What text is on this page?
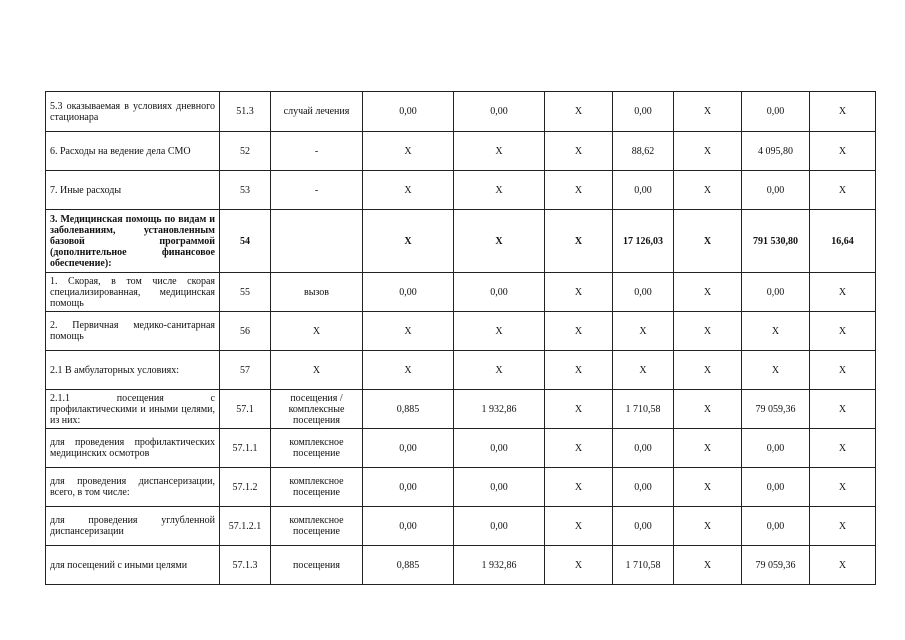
5.3 оказываемая в условиях дневного стационара	51.3	случай лечения	0,00	0,00	X	0,00	X	0,00	X
6. Расходы на ведение дела СМО	52	-	X	X	X	88,62	X	4 095,80	X
7. Иные расходы	53	-	X	X	X	0,00	X	0,00	X
3. Медицинская помощь по видам и заболеваниям, установленным базовой программой (дополнительное финансовое обеспечение):	54		X	X	X	17 126,03	X	791 530,80	16,64
1. Скорая, в том числе скорая специализированная, медицинская помощь	55	вызов	0,00	0,00	X	0,00	X	0,00	X
2. Первичная медико-санитарная помощь	56	X	X	X	X	X	X	X	X
2.1 В амбулаторных условиях:	57	X	X	X	X	X	X	X	X
2.1.1 посещения с профилактическими и иными целями, из них:	57.1	посещения / комплексные посещения	0,885	1 932,86	X	1 710,58	X	79 059,36	X
для проведения профилактических медицинских осмотров	57.1.1	комплексное посещение	0,00	0,00	X	0,00	X	0,00	X
для проведения диспансеризации, всего, в том числе:	57.1.2	комплексное посещение	0,00	0,00	X	0,00	X	0,00	X
для проведения углубленной диспансеризации	57.1.2.1	комплексное посещение	0,00	0,00	X	0,00	X	0,00	X
для посещений с иными целями	57.1.3	посещения	0,885	1 932,86	X	1 710,58	X	79 059,36	X
